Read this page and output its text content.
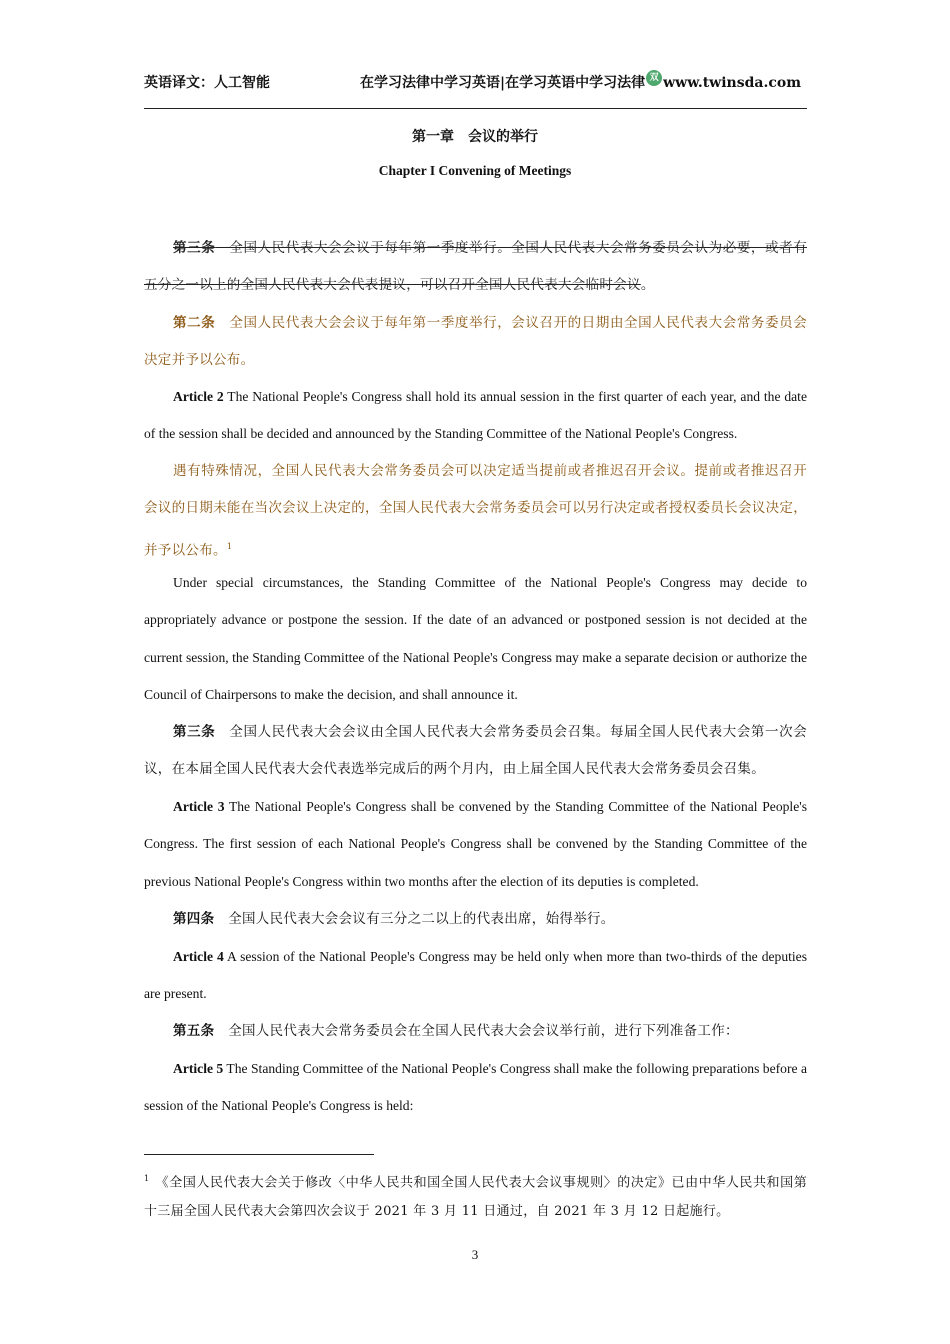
英语译文：人工智能	在学习法律中学习英语|在学习英语中学习法律 双 www.twinsda.com
第一章　会议的举行
Chapter I Convening of Meetings
第三条　全国人民代表大会会议于每年第一季度举行。全国人民代表大会常务委员会认为必要，或者有五分之一以上的全国人民代表大会代表提议，可以召开全国人民代表大会临时会议。
第二条　全国人民代表大会会议于每年第一季度举行，会议召开的日期由全国人民代表大会常务委员会决定并予以公布。
Article 2 The National People's Congress shall hold its annual session in the first quarter of each year, and the date of the session shall be decided and announced by the Standing Committee of the National People's Congress.
遇有特殊情况，全国人民代表大会常务委员会可以决定适当提前或者推迟召开会议。提前或者推迟召开会议的日期未能在当次会议上决定的，全国人民代表大会常务委员会可以另行决定或者授权委员长会议决定，并予以公布。$^1$
Under special circumstances, the Standing Committee of the National People's Congress may decide to appropriately advance or postpone the session. If the date of an advanced or postponed session is not decided at the current session, the Standing Committee of the National People's Congress may make a separate decision or authorize the Council of Chairpersons to make the decision, and shall announce it.
第三条　全国人民代表大会会议由全国人民代表大会常务委员会召集。每届全国人民代表大会第一次会议，在本届全国人民代表大会代表选举完成后的两个月内，由上届全国人民代表大会常务委员会召集。
Article 3 The National People's Congress shall be convened by the Standing Committee of the National People's Congress. The first session of each National People's Congress shall be convened by the Standing Committee of the previous National People's Congress within two months after the election of its deputies is completed.
第四条　全国人民代表大会会议有三分之二以上的代表出席，始得举行。
Article 4 A session of the National People's Congress may be held only when more than two-thirds of the deputies are present.
第五条　全国人民代表大会常务委员会在全国人民代表大会会议举行前，进行下列准备工作：
Article 5 The Standing Committee of the National People's Congress shall make the following preparations before a session of the National People's Congress is held:
$^1$ 《全国人民代表大会关于修改〈中华人民共和国全国人民代表大会议事规则〉的决定》已由中华人民共和国第十三届全国人民代表大会第四次会议于 2021 年 3 月 11 日通过，自 2021 年 3 月 12 日起施行。
3
